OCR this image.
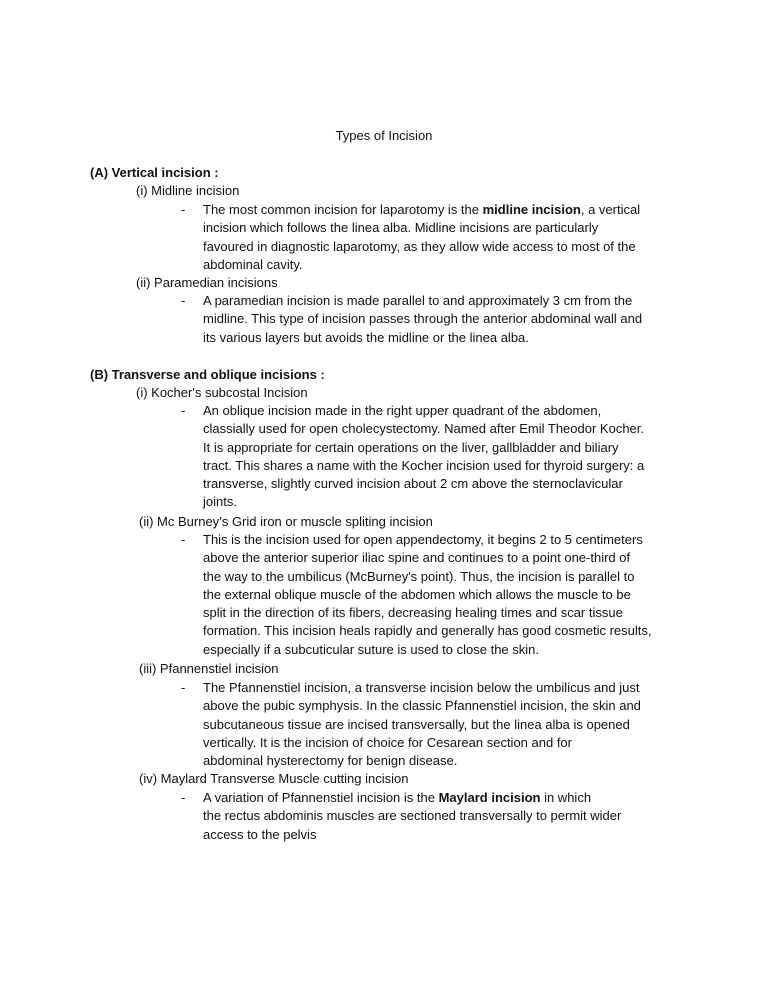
Types of Incision
(A) Vertical incision :
(i) Midline incision
- The most common incision for laparotomy is the midline incision, a vertical

incision which follows the linea alba. Midline incisions are particularly

favoured in diagnostic laparotomy, as they allow wide access to most of the

abdominal cavity.

(ii) Paramedian incisions
- A paramedian incision is made parallel to and approximately 3 cm from the

midline. This type of incision passes through the anterior abdominal wall and

its various layers but avoids the midline or the linea alba.

(B) Transverse and oblique incisions :
(i) Kocher's subcostal Incision
- An oblique incision made in the right upper quadrant of the abdomen,

classially used for open cholecystectomy. Named after Emil Theodor Kocher.

It is appropriate for certain operations on the liver, gallbladder and biliary

tract. This shares a name with the Kocher incision used for thyroid surgery: a

transverse, slightly curved incision about 2 cm above the sternoclavicular

joints.

(ii) Mc Burney’s Grid iron or muscle spliting incision
- This is the incision used for open appendectomy, it begins 2 to 5 centimeters

above the anterior superior iliac spine and continues to a point one-third of

the way to the umbilicus (McBurney's point). Thus, the incision is parallel to

the external oblique muscle of the abdomen which allows the muscle to be

split in the direction of its fibers, decreasing healing times and scar tissue

formation. This incision heals rapidly and generally has good cosmetic results,

especially if a subcuticular suture is used to close the skin.

(iii) Pfannenstiel incision
- The Pfannenstiel incision, a transverse incision below the umbilicus and just

above the pubic symphysis. In the classic Pfannenstiel incision, the skin and

subcutaneous tissue are incised transversally, but the linea alba is opened

vertically. It is the incision of choice for Cesarean section and for

abdominal hysterectomy for benign disease.

(iv) Maylard Transverse Muscle cutting incision
- A variation of Pfannenstiel incision is the Maylard incision in which

the rectus abdominis muscles are sectioned transversally to permit wider

access to the pelvis
